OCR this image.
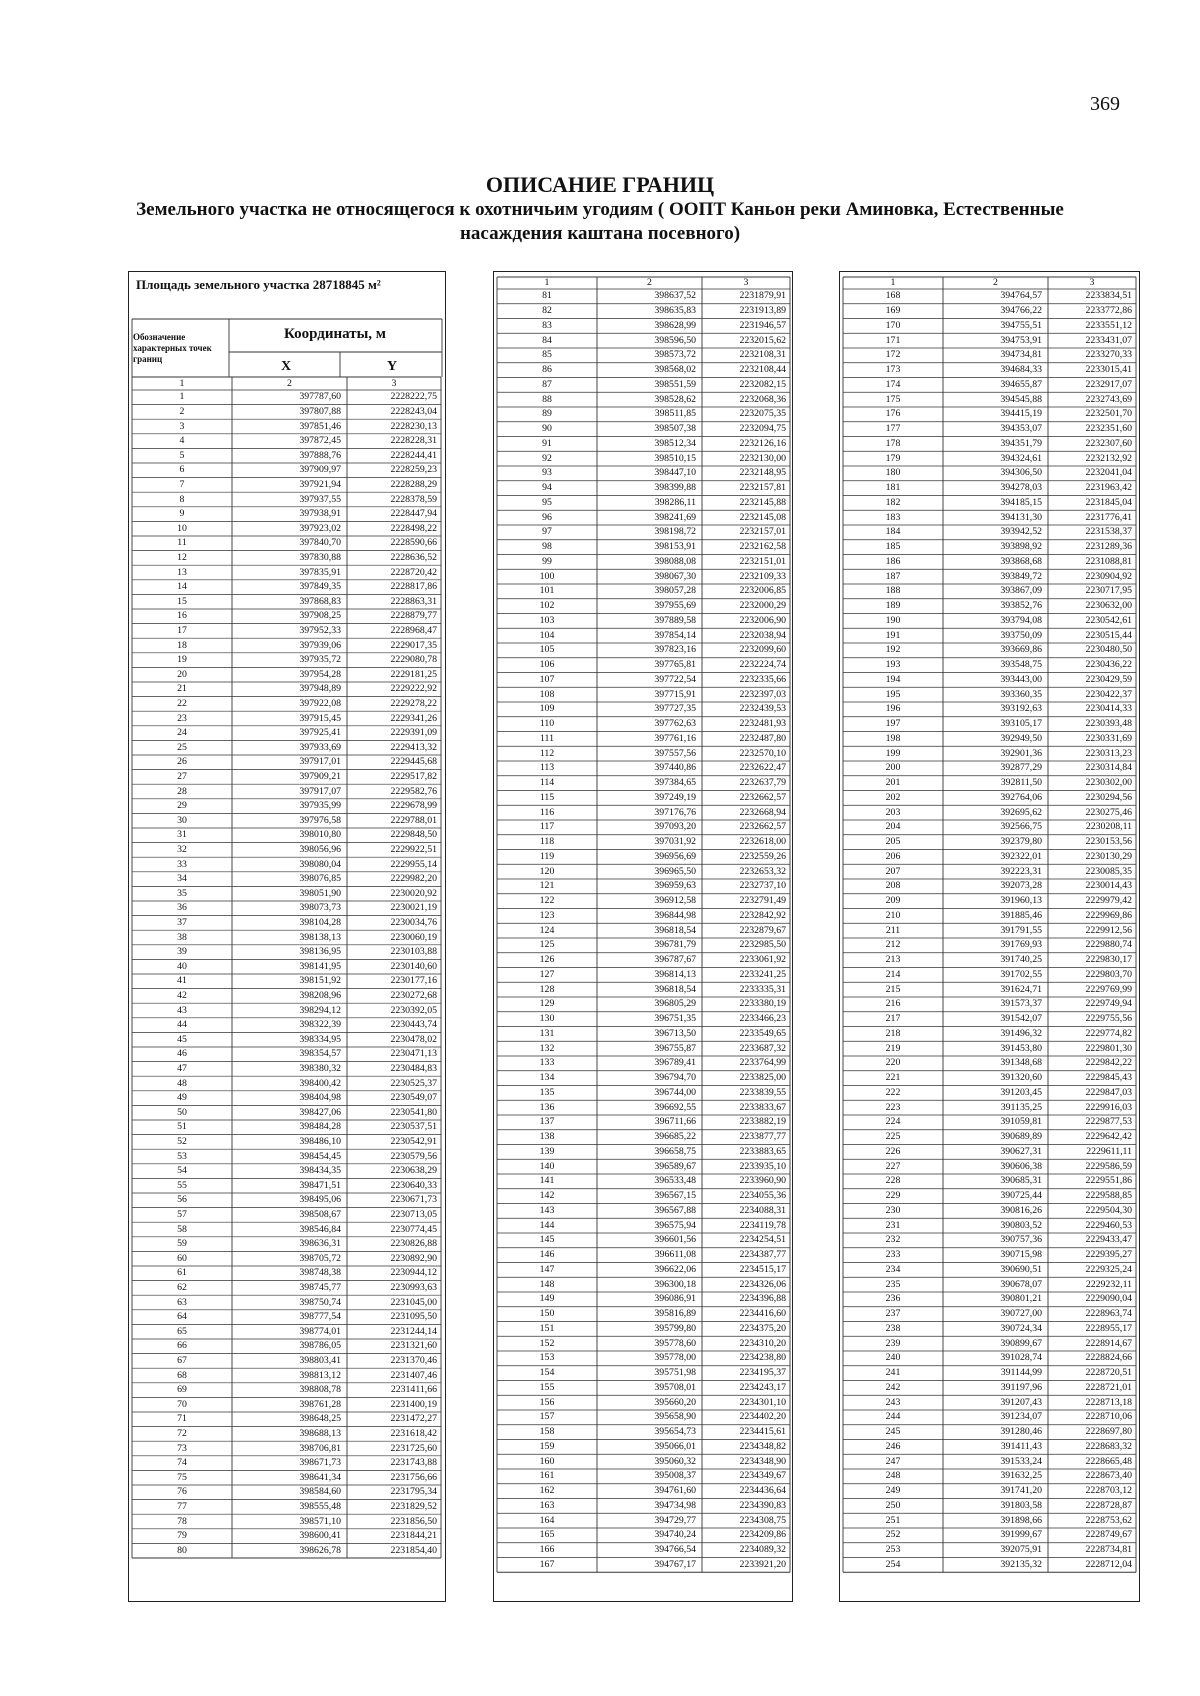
369
ОПИСАНИЕ ГРАНИЦ
Земельного участка не относящегося к охотничьим угодиям ( ООПТ Каньон реки Аминовка, Естественные насаждения каштана посевного)
Площадь земельного участка 28718845 м²
Обозначение характерных точек границ
Координаты, м
X	Y
1	2	3
1	397787,60	2228222,75
2	397807,88	2228243,04
3	397851,46	2228230,13
4	397872,45	2228228,31
5	397888,76	2228244,41
6	397909,97	2228259,23
7	397921,94	2228288,29
8	397937,55	2228378,59
9	397938,91	2228447,94
10	397923,02	2228498,22
11	397840,70	2228590,66
12	397830,88	2228636,52
13	397835,91	2228720,42
14	397849,35	2228817,86
15	397868,83	2228863,31
16	397908,25	2228879,77
17	397952,33	2228968,47
18	397939,06	2229017,35
19	397935,72	2229080,78
20	397954,28	2229181,25
21	397948,89	2229222,92
22	397922,08	2229278,22
23	397915,45	2229341,26
24	397925,41	2229391,09
25	397933,69	2229413,32
26	397917,01	2229445,68
27	397909,21	2229517,82
28	397917,07	2229582,76
29	397935,99	2229678,99
30	397976,58	2229788,01
31	398010,80	2229848,50
32	398056,96	2229922,51
33	398080,04	2229955,14
34	398076,85	2229982,20
35	398051,90	2230020,92
36	398073,73	2230021,19
37	398104,28	2230034,76
38	398138,13	2230060,19
39	398136,95	2230103,88
40	398141,95	2230140,60
41	398151,92	2230177,16
42	398208,96	2230272,68
43	398294,12	2230392,05
44	398322,39	2230443,74
45	398334,95	2230478,02
46	398354,57	2230471,13
47	398380,32	2230484,83
48	398400,42	2230525,37
49	398404,98	2230549,07
50	398427,06	2230541,80
51	398484,28	2230537,51
52	398486,10	2230542,91
53	398454,45	2230579,56
54	398434,35	2230638,29
55	398471,51	2230640,33
56	398495,06	2230671,73
57	398508,67	2230713,05
58	398546,84	2230774,45
59	398636,31	2230826,88
60	398705,72	2230892,90
61	398748,38	2230944,12
62	398745,77	2230993,63
63	398750,74	2231045,00
64	398777,54	2231095,50
65	398774,01	2231244,14
66	398786,05	2231321,60
67	398803,41	2231370,46
68	398813,12	2231407,46
69	398808,78	2231411,66
70	398761,28	2231400,19
71	398648,25	2231472,27
72	398688,13	2231618,42
73	398706,81	2231725,60
74	398671,73	2231743,88
75	398641,34	2231756,66
76	398584,60	2231795,34
77	398555,48	2231829,52
78	398571,10	2231856,50
79	398600,41	2231844,21
80	398626,78	2231854,40
1	2	3
81	398637,52	2231879,91
82	398635,83	2231913,89
83	398628,99	2231946,57
84	398596,50	2232015,62
85	398573,72	2232108,31
86	398568,02	2232108,44
87	398551,59	2232082,15
88	398528,62	2232068,36
89	398511,85	2232075,35
90	398507,38	2232094,75
91	398512,34	2232126,16
92	398510,15	2232130,00
93	398447,10	2232148,95
94	398399,88	2232157,81
95	398286,11	2232145,88
96	398241,69	2232145,08
97	398198,72	2232157,01
98	398153,91	2232162,58
99	398088,08	2232151,01
100	398067,30	2232109,33
101	398057,28	2232006,85
102	397955,69	2232000,29
103	397889,58	2232006,90
104	397854,14	2232038,94
105	397823,16	2232099,60
106	397765,81	2232224,74
107	397722,54	2232335,66
108	397715,91	2232397,03
109	397727,35	2232439,53
110	397762,63	2232481,93
111	397761,16	2232487,80
112	397557,56	2232570,10
113	397440,86	2232622,47
114	397384,65	2232637,79
115	397249,19	2232662,57
116	397176,76	2232668,94
117	397093,20	2232662,57
118	397031,92	2232618,00
119	396956,69	2232559,26
120	396965,50	2232653,32
121	396959,63	2232737,10
122	396912,58	2232791,49
123	396844,98	2232842,92
124	396818,54	2232879,67
125	396781,79	2232985,50
126	396787,67	2233061,92
127	396814,13	2233241,25
128	396818,54	2233335,31
129	396805,29	2233380,19
130	396751,35	2233466,23
131	396713,50	2233549,65
132	396755,87	2233687,32
133	396789,41	2233764,99
134	396794,70	2233825,00
135	396744,00	2233839,55
136	396692,55	2233833,67
137	396711,66	2233882,19
138	396685,22	2233877,77
139	396658,75	2233883,65
140	396589,67	2233935,10
141	396533,48	2233960,90
142	396567,15	2234055,36
143	396567,88	2234088,31
144	396575,94	2234119,78
145	396601,56	2234254,51
146	396611,08	2234387,77
147	396622,06	2234515,17
148	396300,18	2234326,06
149	396086,91	2234396,88
150	395816,89	2234416,60
151	395799,80	2234375,20
152	395778,60	2234310,20
153	395778,00	2234238,80
154	395751,98	2234195,37
155	395708,01	2234243,17
156	395660,20	2234301,10
157	395658,90	2234402,20
158	395654,73	2234415,61
159	395066,01	2234348,82
160	395060,32	2234348,90
161	395008,37	2234349,67
162	394761,60	2234436,64
163	394734,98	2234390,83
164	394729,77	2234308,75
165	394740,24	2234209,86
166	394766,54	2234089,32
167	394767,17	2233921,20
1	2	3
168	394764,57	2233834,51
169	394766,22	2233772,86
170	394755,51	2233551,12
171	394753,91	2233431,07
172	394734,81	2233270,33
173	394684,33	2233015,41
174	394655,87	2232917,07
175	394545,88	2232743,69
176	394415,19	2232501,70
177	394353,07	2232351,60
178	394351,79	2232307,60
179	394324,61	2232132,92
180	394306,50	2232041,04
181	394278,03	2231963,42
182	394185,15	2231845,04
183	394131,30	2231776,41
184	393942,52	2231538,37
185	393898,92	2231289,36
186	393868,68	2231088,81
187	393849,72	2230904,92
188	393867,09	2230717,95
189	393852,76	2230632,00
190	393794,08	2230542,61
191	393750,09	2230515,44
192	393669,86	2230480,50
193	393548,75	2230436,22
194	393443,00	2230429,59
195	393360,35	2230422,37
196	393192,63	2230414,33
197	393105,17	2230393,48
198	392949,50	2230331,69
199	392901,36	2230313,23
200	392877,29	2230314,84
201	392811,50	2230302,00
202	392764,06	2230294,56
203	392695,62	2230275,46
204	392566,75	2230208,11
205	392379,80	2230153,56
206	392322,01	2230130,29
207	392223,31	2230085,35
208	392073,28	2230014,43
209	391960,13	2229979,42
210	391885,46	2229969,86
211	391791,55	2229912,56
212	391769,93	2229880,74
213	391740,25	2229830,17
214	391702,55	2229803,70
215	391624,71	2229769,99
216	391573,37	2229749,94
217	391542,07	2229755,56
218	391496,32	2229774,82
219	391453,80	2229801,30
220	391348,68	2229842,22
221	391320,60	2229845,43
222	391203,45	2229847,03
223	391135,25	2229916,03
224	391059,81	2229877,53
225	390689,89	2229642,42
226	390627,31	2229611,11
227	390606,38	2229586,59
228	390685,31	2229551,86
229	390725,44	2229588,85
230	390816,26	2229504,30
231	390803,52	2229460,53
232	390757,36	2229433,47
233	390715,98	2229395,27
234	390690,51	2229325,24
235	390678,07	2229232,11
236	390801,21	2229090,04
237	390727,00	2228963,74
238	390724,34	2228955,17
239	390899,67	2228914,67
240	391028,74	2228824,66
241	391144,99	2228720,51
242	391197,96	2228721,01
243	391207,43	2228713,18
244	391234,07	2228710,06
245	391280,46	2228697,80
246	391411,43	2228683,32
247	391533,24	2228665,48
248	391632,25	2228673,40
249	391741,20	2228703,12
250	391803,58	2228728,87
251	391898,66	2228753,62
252	391999,67	2228749,67
253	392075,91	2228734,81
254	392135,32	2228712,04
